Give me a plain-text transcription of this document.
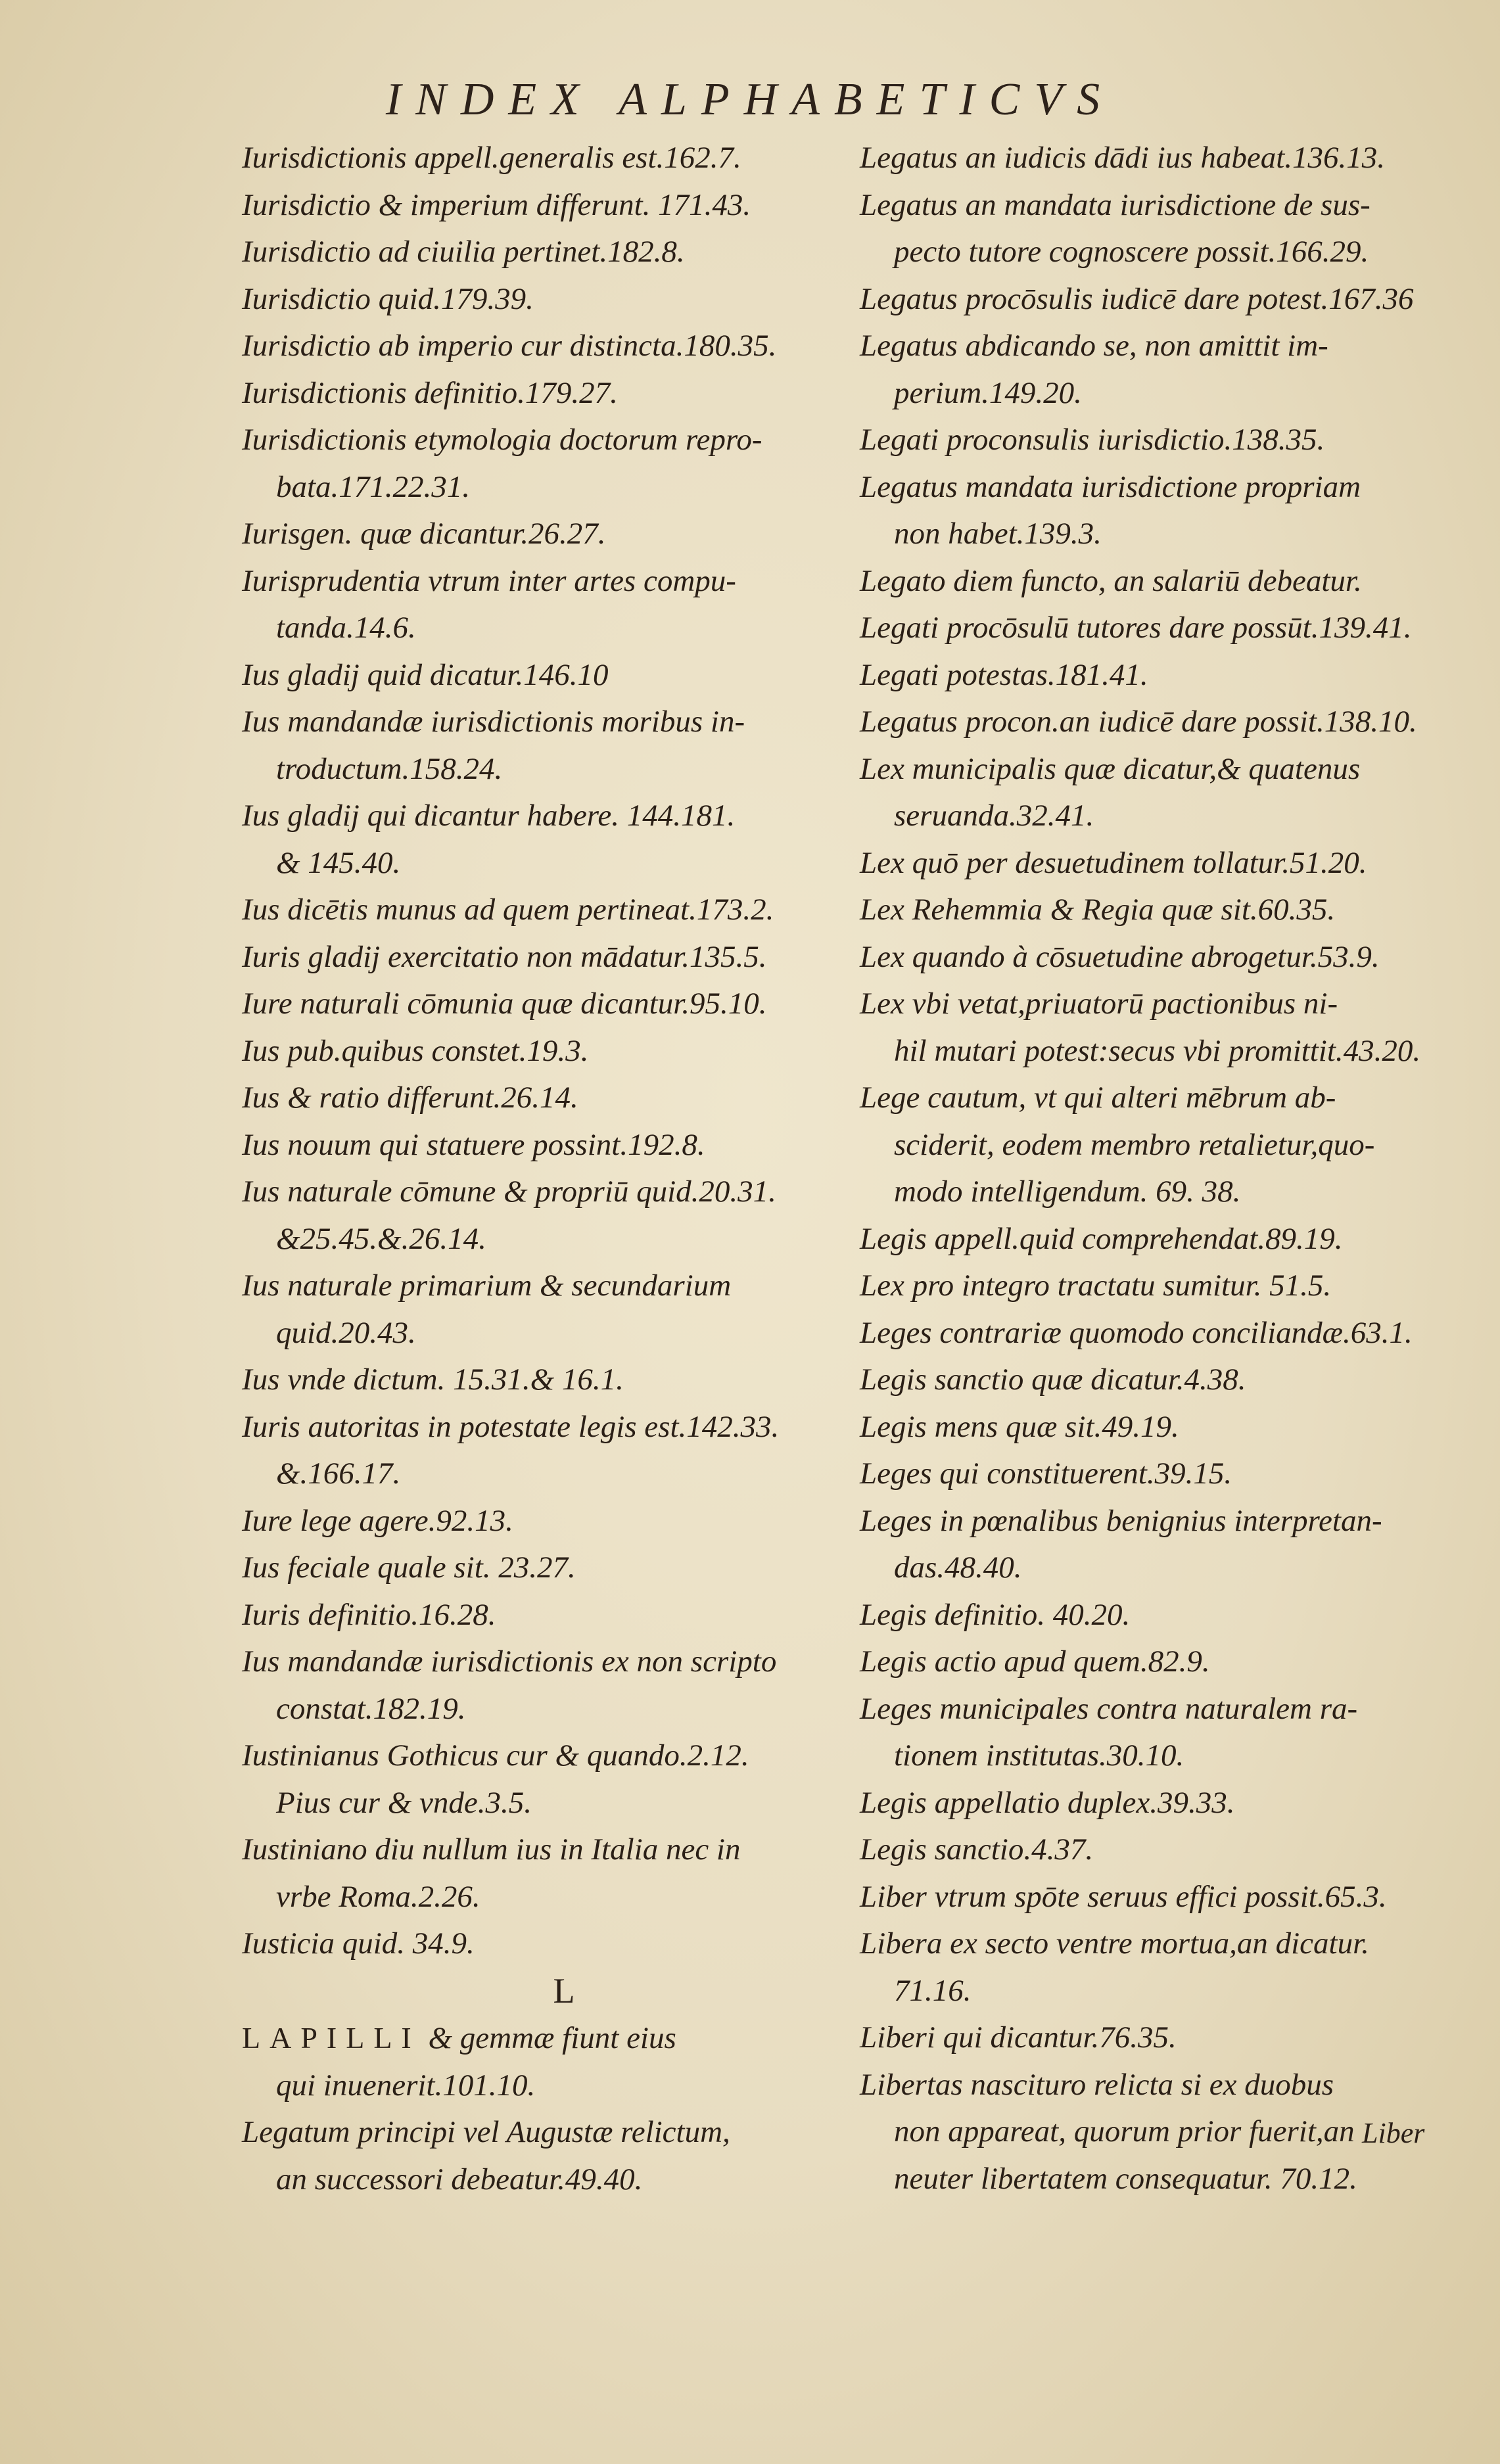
INDEX ALPHABETICVS
Iurisdictionis appell.generalis est.162.7.
Iurisdictio & imperium differunt. 171.43.
Iurisdictio ad ciuilia pertinet.182.8.
Iurisdictio quid.179.39.
Iurisdictio ab imperio cur distincta.180.35.
Iurisdictionis definitio.179.27.
Iurisdictionis etymologia doctorum repro-
bata.171.22.31.
Iurisgen. quæ dicantur.26.27.
Iurisprudentia vtrum inter artes compu-
tanda.14.6.
Ius gladij quid dicatur.146.10
Ius mandandæ iurisdictionis moribus in-
troductum.158.24.
Ius gladij qui dicantur habere. 144.181.
& 145.40.
Ius dicētis munus ad quem pertineat.173.2.
Iuris gladij exercitatio non mādatur.135.5.
Iure naturali cōmunia quæ dicantur.95.10.
Ius pub.quibus constet.19.3.
Ius & ratio differunt.26.14.
Ius nouum qui statuere possint.192.8.
Ius naturale cōmune & propriū quid.20.31.
&25.45.&.26.14.
Ius naturale primarium & secundarium
quid.20.43.
Ius vnde dictum. 15.31.& 16.1.
Iuris autoritas in potestate legis est.142.33.
&.166.17.
Iure lege agere.92.13.
Ius feciale quale sit. 23.27.
Iuris definitio.16.28.
Ius mandandæ iurisdictionis ex non scripto
constat.182.19.
Iustinianus Gothicus cur & quando.2.12.
Pius cur & vnde.3.5.
Iustiniano diu nullum ius in Italia nec in
vrbe Roma.2.26.
Iusticia quid. 34.9.
L
LAPILLI & gemmæ fiunt eius
qui inuenerit.101.10.
Legatum principi vel Augustæ relictum,
an successori debeatur.49.40.
Legatus an iudicis dādi ius habeat.136.13.
Legatus an mandata iurisdictione de sus-
pecto tutore cognoscere possit.166.29.
Legatus procōsulis iudicē dare potest.167.36
Legatus abdicando se, non amittit im-
perium.149.20.
Legati proconsulis iurisdictio.138.35.
Legatus mandata iurisdictione propriam
non habet.139.3.
Legato diem functo, an salariū debeatur.
Legati procōsulū tutores dare possūt.139.41.
Legati potestas.181.41.
Legatus procon.an iudicē dare possit.138.10.
Lex municipalis quæ dicatur,& quatenus
seruanda.32.41.
Lex quō per desuetudinem tollatur.51.20.
Lex Rehemmia & Regia quæ sit.60.35.
Lex quando à cōsuetudine abrogetur.53.9.
Lex vbi vetat,priuatorū pactionibus ni-
hil mutari potest:secus vbi promittit.43.20.
Lege cautum, vt qui alteri mēbrum ab-
sciderit, eodem membro retalietur,quo-
modo intelligendum. 69. 38.
Legis appell.quid comprehendat.89.19.
Lex pro integro tractatu sumitur. 51.5.
Leges contrariæ quomodo conciliandæ.63.1.
Legis sanctio quæ dicatur.4.38.
Legis mens quæ sit.49.19.
Leges qui constituerent.39.15.
Leges in pœnalibus benignius interpretan-
das.48.40.
Legis definitio. 40.20.
Legis actio apud quem.82.9.
Leges municipales contra naturalem ra-
tionem institutas.30.10.
Legis appellatio duplex.39.33.
Legis sanctio.4.37.
Liber vtrum spōte seruus effici possit.65.3.
Libera ex secto ventre mortua,an dicatur.
71.16.
Liberi qui dicantur.76.35.
Libertas nascituro relicta si ex duobus
non appareat, quorum prior fuerit,an
neuter libertatem consequatur. 70.12.
Liber
